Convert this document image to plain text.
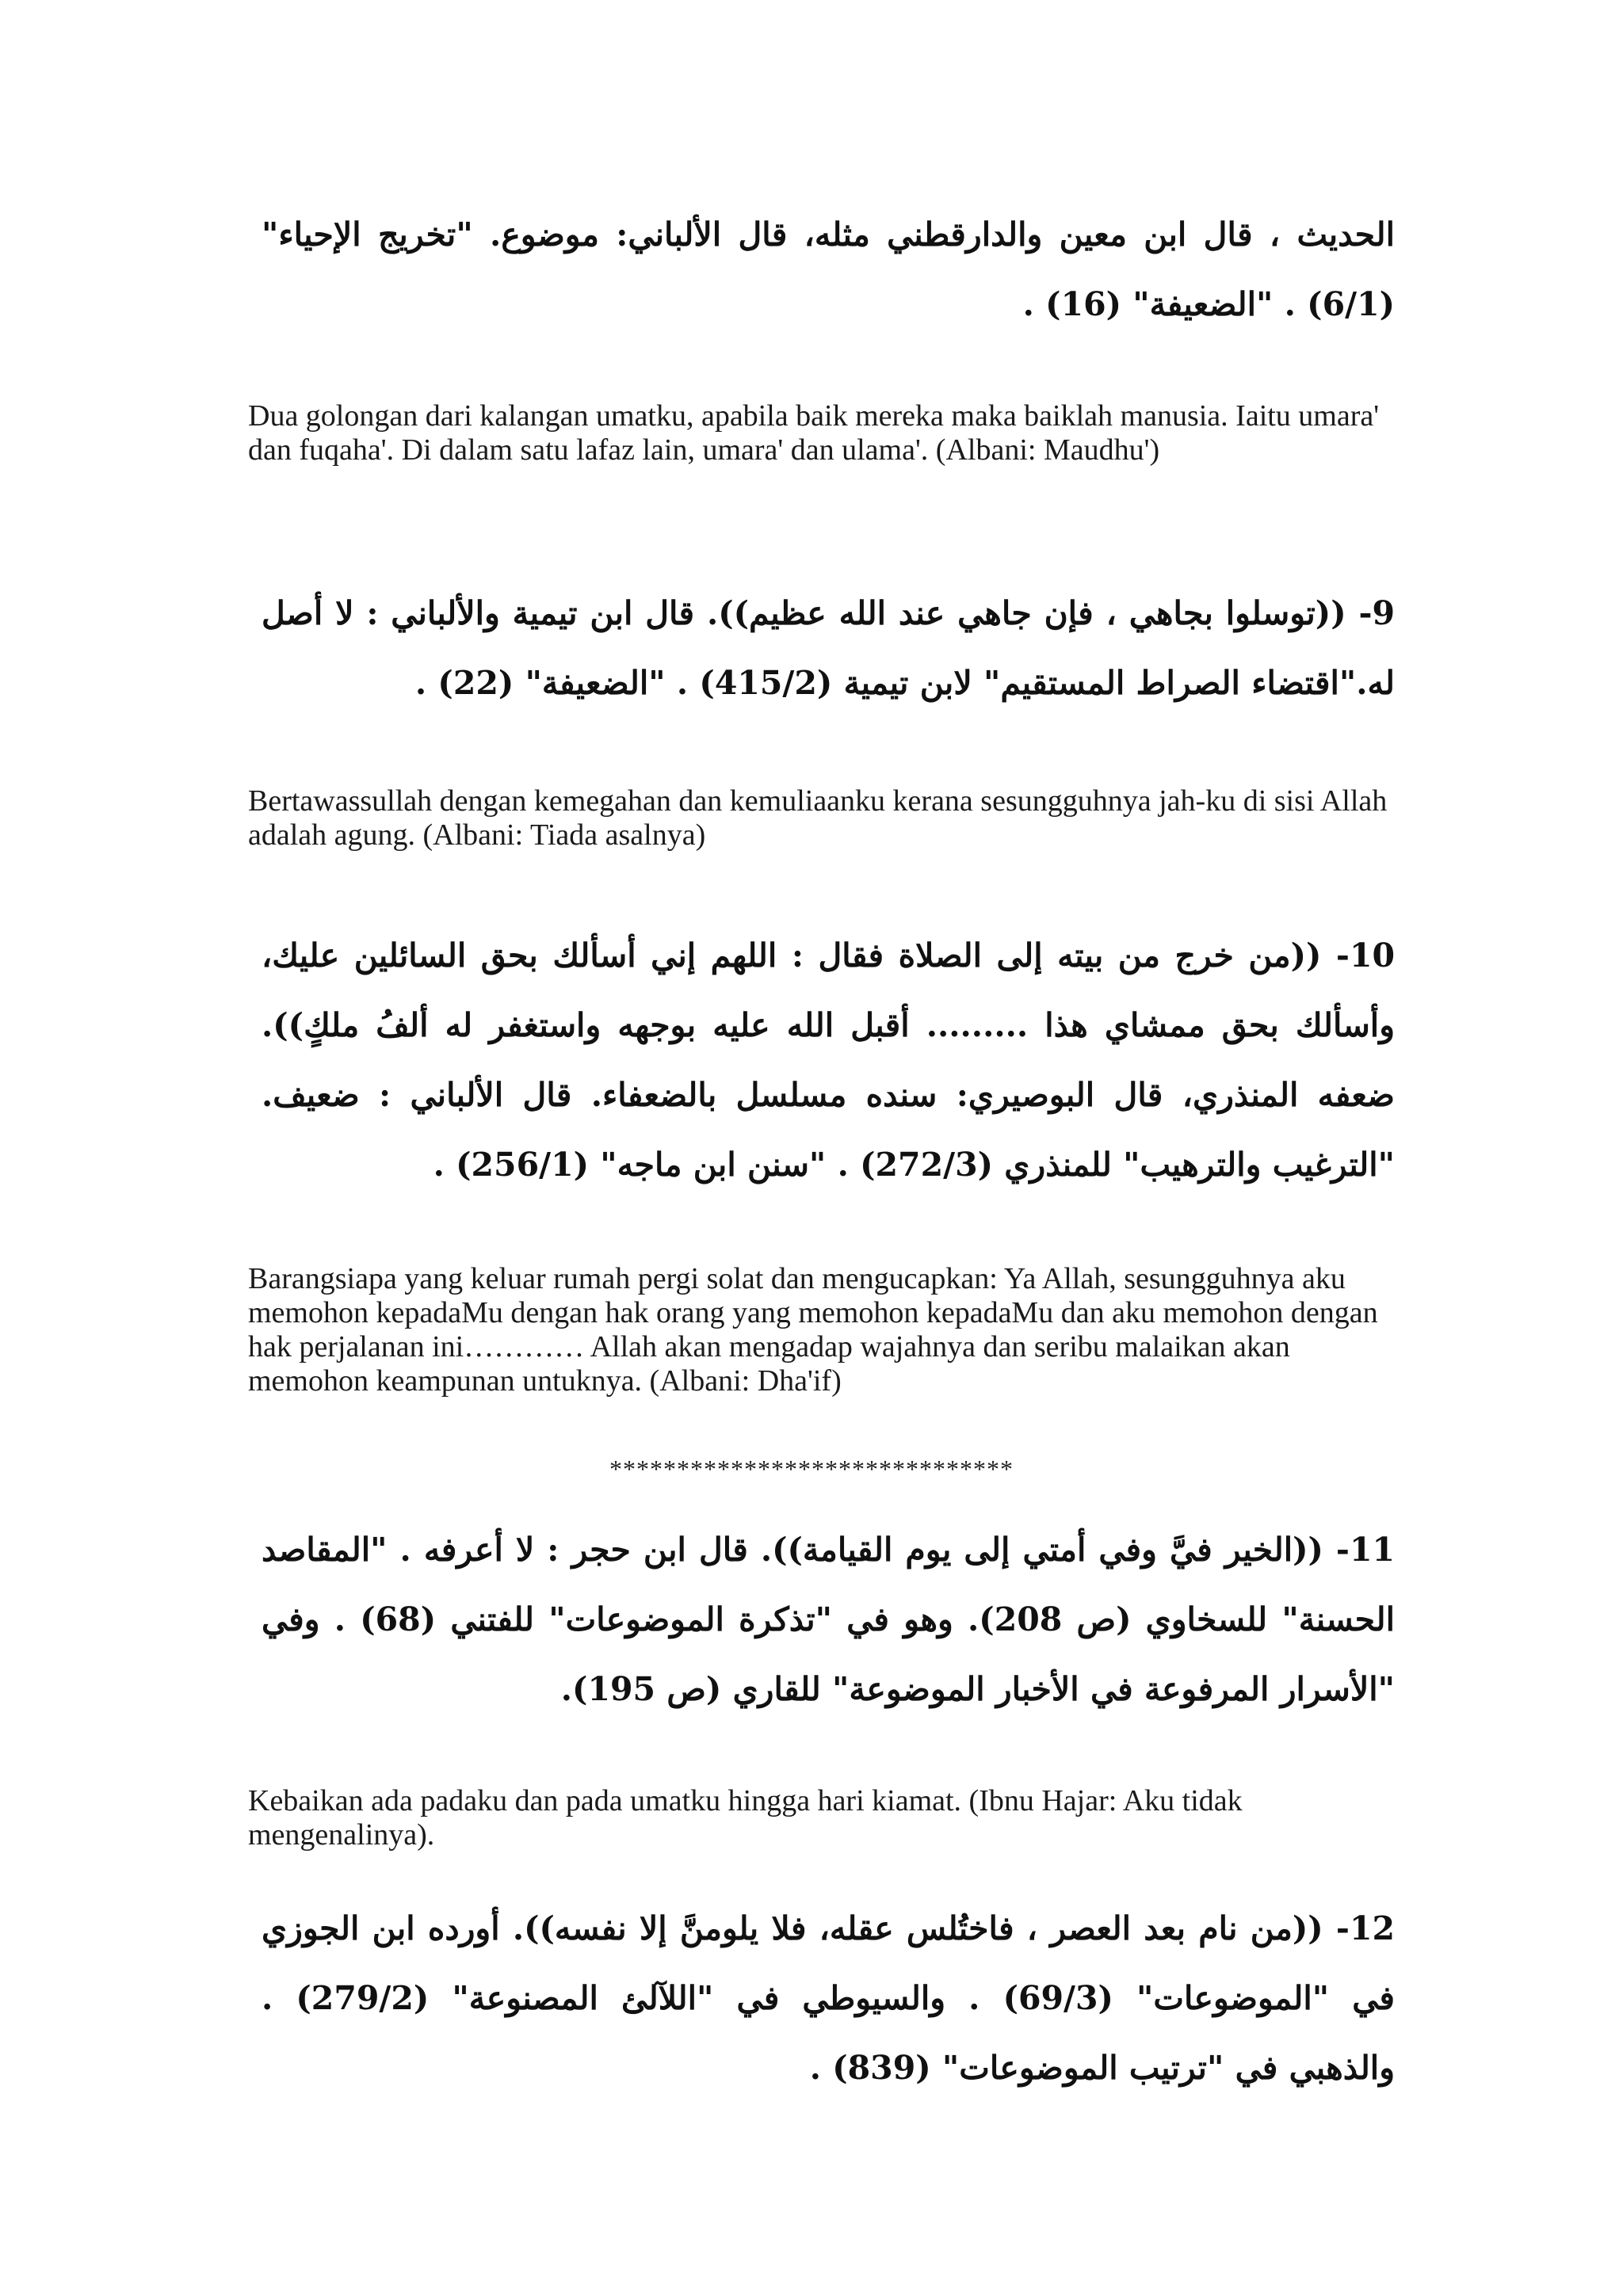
الحديث ، قال ابن معين والدارقطني مثله، قال الألباني: موضوع. "تخريج الإحياء" (6/1) . "الضعيفة" (16) .

Dua golongan dari kalangan umatku, apabila baik mereka maka baiklah manusia. Iaitu umara' dan fuqaha'. Di dalam satu lafaz lain, umara' dan ulama'. (Albani: Maudhu')

9- ((توسلوا بجاهي ، فإن جاهي عند الله عظيم)). قال ابن تيمية والألباني : لا أصل له."اقتضاء الصراط المستقيم" لابن تيمية (415/2) . "الضعيفة" (22) .

Bertawassullah dengan kemegahan dan kemuliaanku kerana sesungguhnya jah-ku di sisi Allah adalah agung. (Albani: Tiada asalnya)

10- ((من خرج من بيته إلى الصلاة فقال : اللهم إني أسألك بحق السائلين عليك، وأسألك بحق ممشاي هذا ......... أقبل الله عليه بوجهه واستغفر له ألفُ ملكٍ)). ضعفه المنذري، قال البوصيري: سنده مسلسل بالضعفاء. قال الألباني : ضعيف. "الترغيب والترهيب" للمنذري (272/3) . "سنن ابن ماجه" (256/1) .

Barangsiapa yang keluar rumah pergi solat dan mengucapkan: Ya Allah, sesungguhnya aku memohon kepadaMu dengan hak orang yang memohon kepadaMu dan aku memohon dengan hak perjalanan ini………… Allah akan mengadap wajahnya dan seribu malaikan akan memohon keampunan untuknya. (Albani: Dha'if)

******************************

11- ((الخير فيَّ وفي أمتي إلى يوم القيامة)). قال ابن حجر : لا أعرفه . "المقاصد الحسنة" للسخاوي (ص 208). وهو في "تذكرة الموضوعات" للفتني (68) . وفي "الأسرار المرفوعة في الأخبار الموضوعة" للقاري (ص 195).

Kebaikan ada padaku dan pada umatku hingga hari kiamat. (Ibnu Hajar: Aku tidak mengenalinya).

12- ((من نام بعد العصر ، فاختُلس عقله، فلا يلومنَّ إلا نفسه)). أورده ابن الجوزي في "الموضوعات" (69/3) . والسيوطي في "اللآلئ المصنوعة" (279/2) . والذهبي في "ترتيب الموضوعات" (839) .
